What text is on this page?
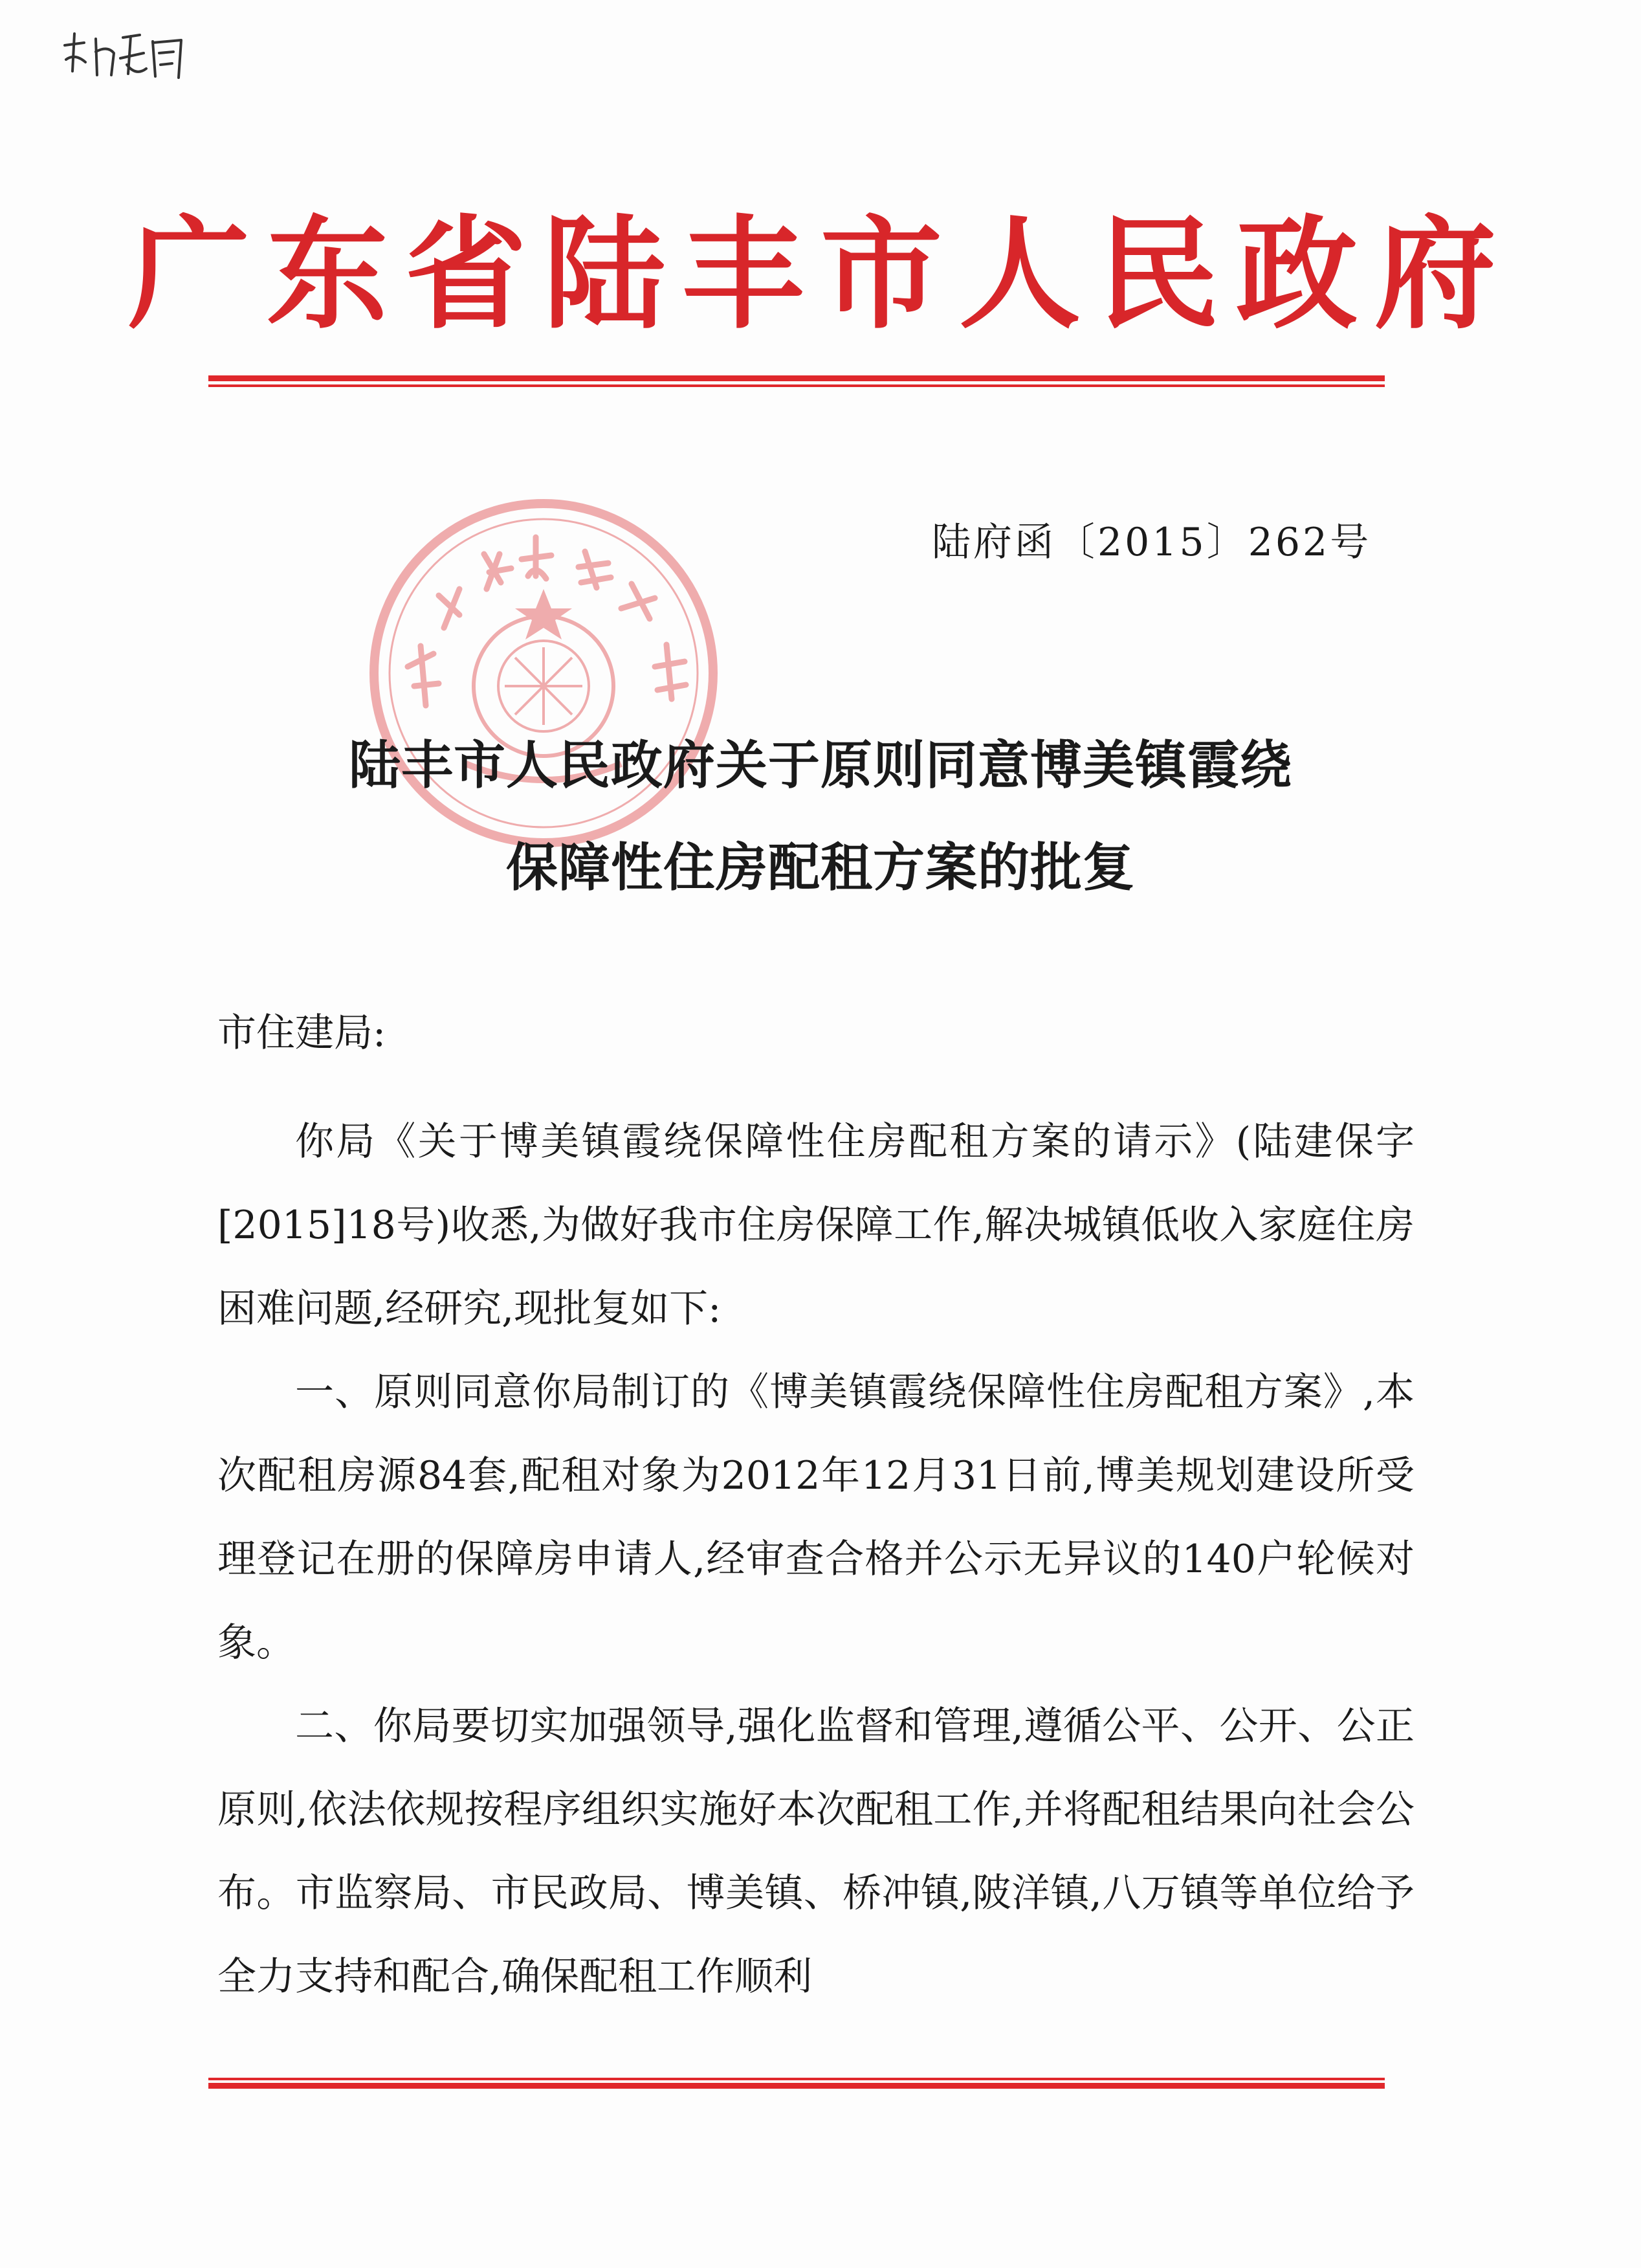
广东省陆丰市人民政府
陆府函〔2015〕262号
陆丰市人民政府关于原则同意博美镇霞绕
保障性住房配租方案的批复
市住建局:

你局《关于博美镇霞绕保障性住房配租方案的请示》(陆建保字[2015]18号)收悉,为做好我市住房保障工作,解决城镇低收入家庭住房困难问题,经研究,现批复如下:

一、原则同意你局制订的《博美镇霞绕保障性住房配租方案》,本次配租房源84套,配租对象为2012年12月31日前,博美规划建设所受理登记在册的保障房申请人,经审查合格并公示无异议的140户轮候对象。

二、你局要切实加强领导,强化监督和管理,遵循公平、公开、公正原则,依法依规按程序组织实施好本次配租工作,并将配租结果向社会公布。市监察局、市民政局、博美镇、桥冲镇,陂洋镇,八万镇等单位给予全力支持和配合,确保配租工作顺利
